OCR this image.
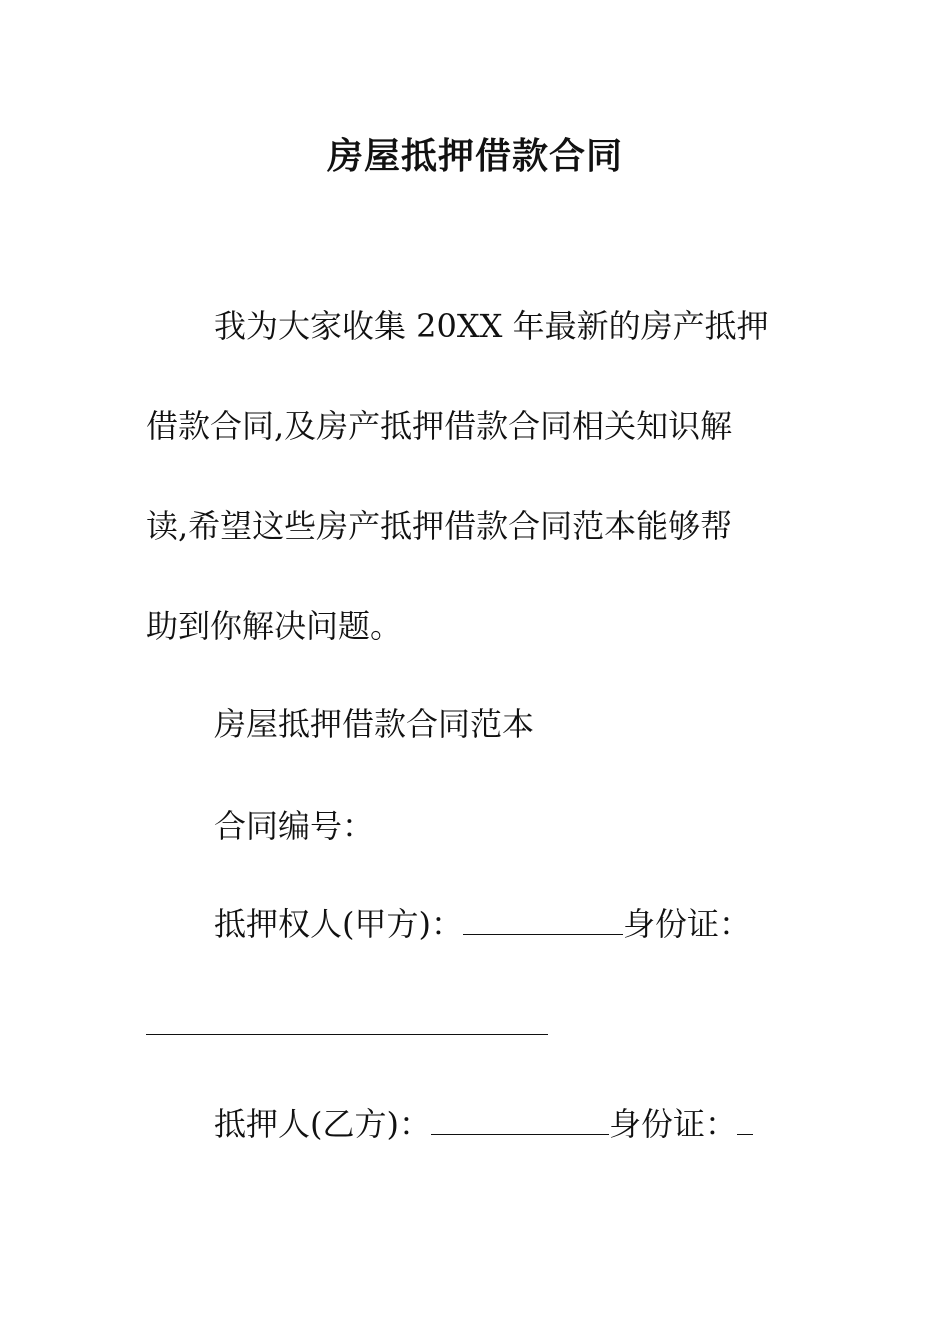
房屋抵押借款合同
我为大家收集 20XX 年最新的房产抵押
借款合同,及房产抵押借款合同相关知识解
读,希望这些房产抵押借款合同范本能够帮
助到你解决问题。
房屋抵押借款合同范本
合同编号：
抵押权人(甲方)：	身份证：
抵押人(乙方)：	身份证：
